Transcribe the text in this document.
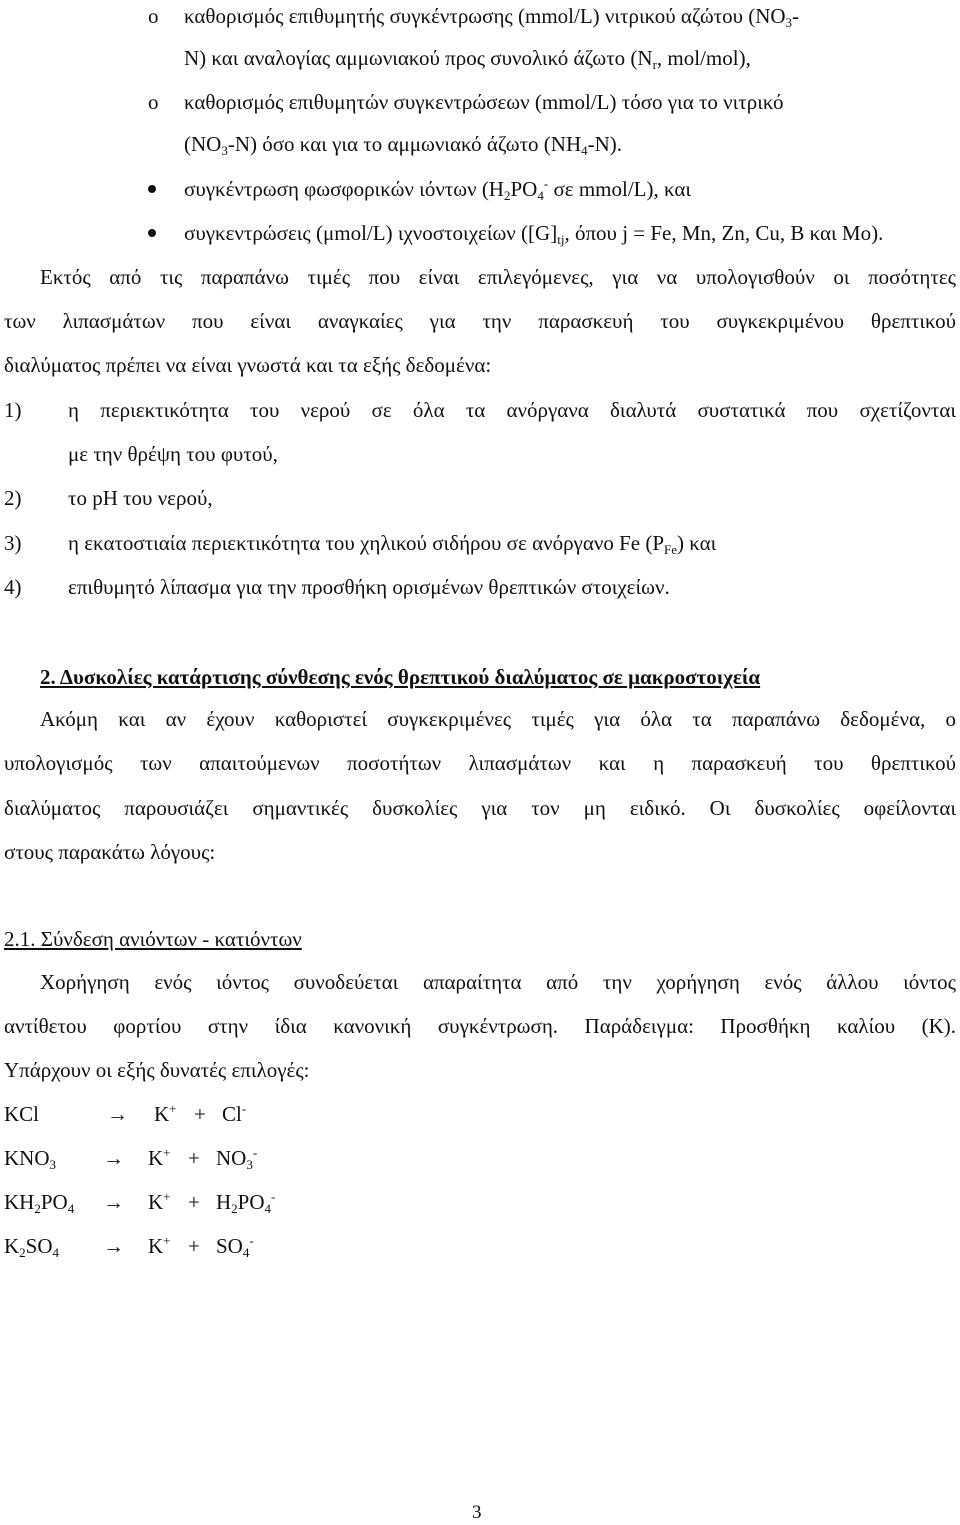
o καθορισμός επιθυμητής συγκέντρωσης (mmol/L) νιτρικού αζώτου ($NO_3-$
N) και αναλογίας αμμωνιακού προς συνολικό άζωτο ($N_r$, mol/mol),
o καθορισμός επιθυμητών συγκεντρώσεων (mmol/L) τόσο για το νιτρικό
$(NO_3-N)$ όσο και για το αμμωνιακό άζωτο $(NH_4-N)$.
συγκέντρωση φωσφορικών ιόντων ($H_2PO_4^-$ σε mmol/L), και
συγκεντρώσεις (μmol/L) ιχνοστοιχείων ($[G]_{tj}$, όπου j = Fe, Mn, Zn, Cu, B και Mo).
Εκτός από τις παραπάνω τιμές που είναι επιλεγόμενες, για να υπολογισθούν οι ποσότητες
των λιπασμάτων που είναι αναγκαίες για την παρασκευή του συγκεκριμένου θρεπτικού
διαλύματος πρέπει να είναι γνωστά και τα εξής δεδομένα:
1) η περιεκτικότητα του νερού σε όλα τα ανόργανα διαλυτά συστατικά που σχετίζονται
με την θρέψη του φυτού,
2) το pH του νερού,
3) η εκατοστιαία περιεκτικότητα του χηλικού σιδήρου σε ανόργανο Fe $(P_{Fe})$ και
4) επιθυμητό λίπασμα για την προσθήκη ορισμένων θρεπτικών στοιχείων.
2. Δυσκολίες κατάρτισης σύνθεσης ενός θρεπτικού διαλύματος σε μακροστοιχεία
Ακόμη και αν έχουν καθοριστεί συγκεκριμένες τιμές για όλα τα παραπάνω δεδομένα, ο
υπολογισμός των απαιτούμενων ποσοτήτων λιπασμάτων και η παρασκευή του θρεπτικού
διαλύματος παρουσιάζει σημαντικές δυσκολίες για τον μη ειδικό. Οι δυσκολίες οφείλονται
στους παρακάτω λόγους:
2.1. Σύνδεση ανιόντων - κατιόντων
Χορήγηση ενός ιόντος συνοδεύεται απαραίτητα από την χορήγηση ενός άλλου ιόντος
αντίθετου φορτίου στην ίδια κανονική συγκέντρωση. Παράδειγμα: Προσθήκη καλίου (K).
Υπάρχουν οι εξής δυνατές επιλογές:
KCl	→ K+ + Cl-
$KNO_3 \to K^+ + NO_3^-$
$KH_2PO_4 \to K^+ + H_2PO_4^-$
$K_2SO_4 \to K^+ + SO_4^-$
3
